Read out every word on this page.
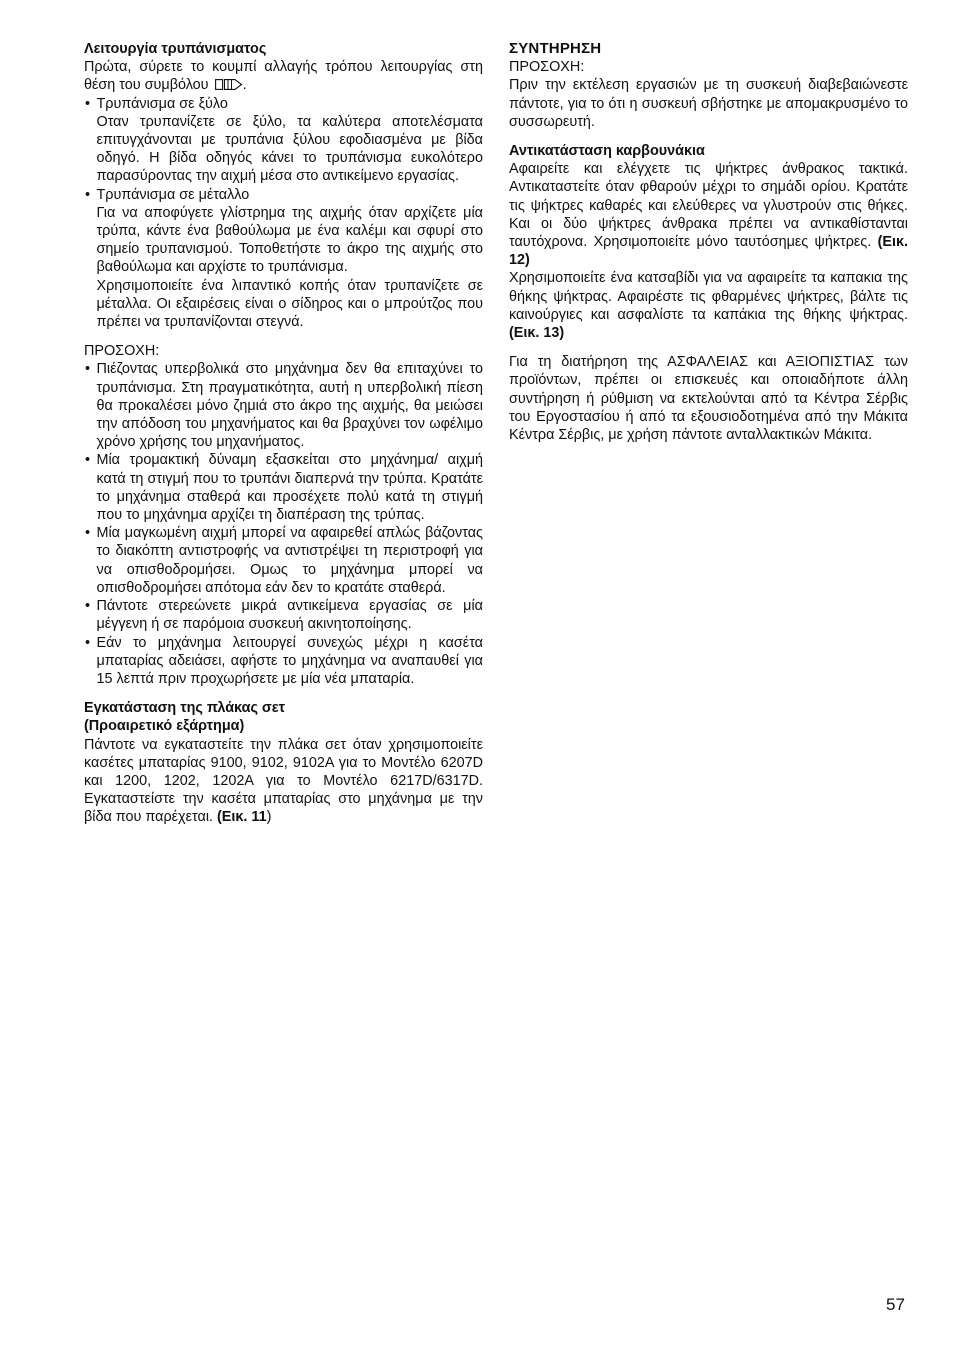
Λειτουργία τρυπάνισματος

Πρώτα, σύρετε το κουμπί αλλαγής τρόπου λειτουργίας στη θέση του συμβόλου .

• Τρυπάνισμα σε ξύλο

Οταν τρυπανίζετε σε ξύλο, τα καλύτερα αποτελέσματα επιτυγχάνονται με τρυπάνια ξύλου εφοδιασμένα με βίδα οδηγό. Η βίδα οδηγός κάνει το τρυπάνισμα ευκολότερο παρασύροντας την αιχμή μέσα στο αντικείμενο εργασίας.

• Τρυπάνισμα σε μέταλλο

Για να αποφύγετε γλίστρημα της αιχμής όταν αρχίζετε μία τρύπα, κάντε ένα βαθούλωμα με ένα καλέμι και σφυρί στο σημείο τρυπανισμού. Τοποθετήστε το άκρο της αιχμής στο βαθούλωμα και αρχίστε το τρυπάνισμα.

Χρησιμοποιείτε ένα λιπαντικό κοπής όταν τρυπανίζετε σε μέταλλα. Οι εξαιρέσεις είναι ο σίδηρος και ο μπρούτζος που πρέπει να τρυπανίζονται στεγνά.

ΠΡΟΣΟΧΗ:

• Πιέζοντας υπερβολικά στο μηχάνημα δεν θα επιταχύνει το τρυπάνισμα. Στη πραγματικότητα, αυτή η υπερβολική πίεση θα προκαλέσει μόνο ζημιά στο άκρο της αιχμής, θα μειώσει την απόδοση του μηχανήματος και θα βραχύνει τον ωφέλιμο χρόνο χρήσης του μηχανήματος.
• Μία τρομακτική δύναμη εξασκείται στο μηχάνημα/ αιχμή κατά τη στιγμή που το τρυπάνι διαπερνά την τρύπα. Κρατάτε το μηχάνημα σταθερά και προσέχετε πολύ κατά τη στιγμή που το μηχάνημα αρχίζει τη διαπέραση της τρύπας.
• Μία μαγκωμένη αιχμή μπορεί να αφαιρεθεί απλώς βάζοντας το διακόπτη αντιστροφής να αντιστρέψει τη περιστροφή για να οπισθοδρομήσει. Ομως το μηχάνημα μπορεί να οπισθοδρομήσει απότομα εάν δεν το κρατάτε σταθερά.
• Πάντοτε στερεώνετε μικρά αντικείμενα εργασίας σε μία μέγγενη ή σε παρόμοια συσκευή ακινητοποίησης.
• Εάν το μηχάνημα λειτουργεί συνεχώς μέχρι η κασέτα μπαταρίας αδειάσει, αφήστε το μηχάνημα να αναπαυθεί για 15 λεπτά πριν προχωρήσετε με μία νέα μπαταρία.

Εγκατάσταση της πλάκας σετ

(Προαιρετικό εξάρτημα)

Πάντοτε να εγκαταστείτε την πλάκα σετ όταν χρησιμοποιείτε κασέτες μπαταρίας 9100, 9102, 9102A για το Μοντέλο 6207D και 1200, 1202, 1202A για το Μοντέλο 6217D/6317D. Εγκαταστείστε την κασέτα μπαταρίας στο μηχάνημα με την βίδα που παρέχεται. (Εικ. 11)

ΣΥΝΤΗΡΗΣΗ

ΠΡΟΣΟΧΗ:

Πριν την εκτέλεση εργασιών με τη συσκευή διαβεβαιώνεστε πάντοτε, για το ότι η συσκευή σβήστηκε με απομακρυσμένο το συσσωρευτή.

Αντικατάσταση καρβουνάκια

Αφαιρείτε και ελέγχετε τις ψήκτρες άνθρακος τακτικά. Αντικαταστείτε όταν φθαρούν μέχρι το σημάδι ορίου. Κρατάτε τις ψήκτρες καθαρές και ελεύθερες να γλυστρούν στις θήκες. Και οι δύο ψήκτρες άνθρακα πρέπει να αντικαθίστανται ταυτόχρονα. Χρησιμοποιείτε μόνο ταυτόσημες ψήκτρες. (Εικ. 12)

Χρησιμοποιείτε ένα κατσαβίδι για να αφαιρείτε τα καπακια της θήκης ψήκτρας. Αφαιρέστε τις φθαρμένες ψήκτρες, βάλτε τις καινούργιες και ασφαλίστε τα καπάκια της θήκης ψήκτρας. (Εικ. 13)

Για τη διατήρηση της ΑΣΦΑΛΕΙΑΣ και ΑΞΙΟΠΙΣΤΙΑΣ των προϊόντων, πρέπει οι επισκευές και οποιαδήποτε άλλη συντήρηση ή ρύθμιση να εκτελούνται από τα Κέντρα Σέρβις του Εργοστασίου ή από τα εξουσιοδοτημένα από την Μάκιτα Κέντρα Σέρβις, με χρήση πάντοτε ανταλλακτικών Μάκιτα.

57
